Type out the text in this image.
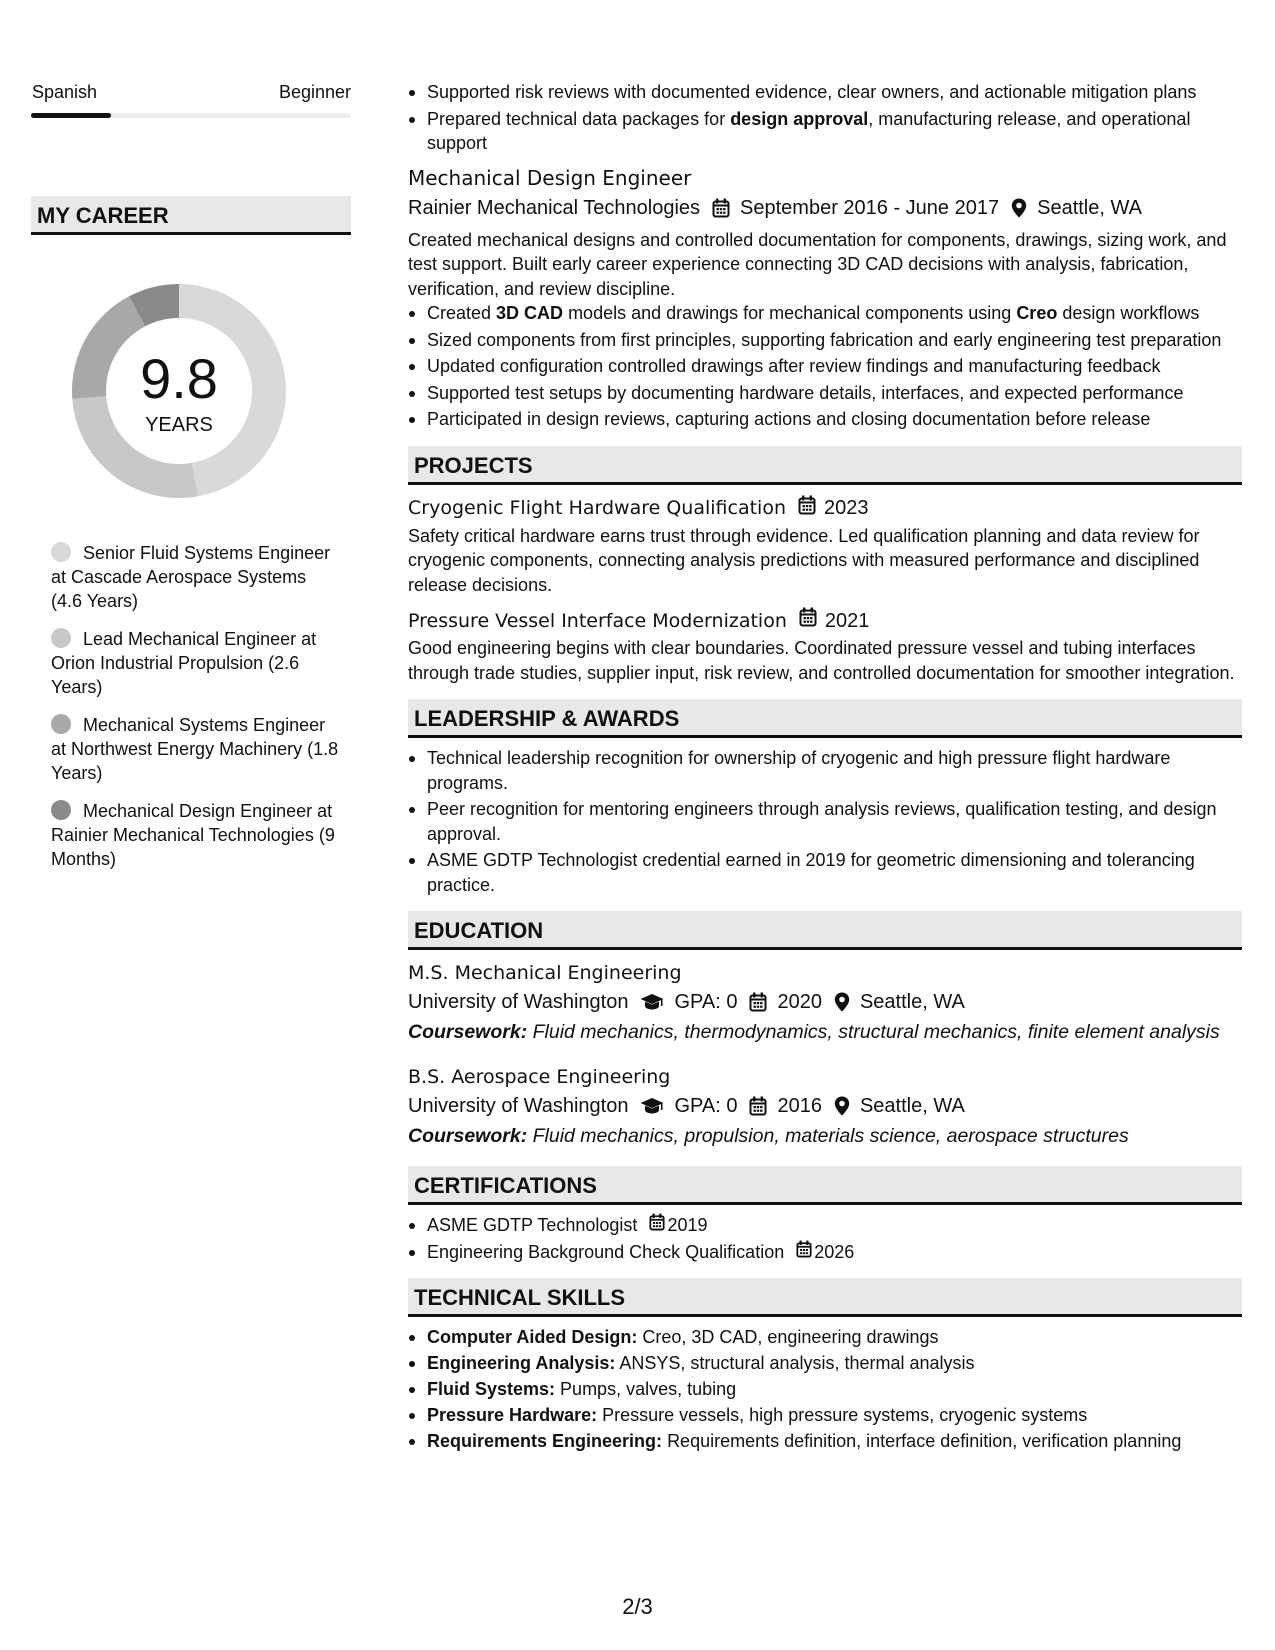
Spanish	Beginner
MY CAREER
9.8
YEARS
Senior Fluid Systems Engineer at Cascade Aerospace Systems (4.6 Years)
Lead Mechanical Engineer at Orion Industrial Propulsion (2.6 Years)
Mechanical Systems Engineer at Northwest Energy Machinery (1.8 Years)
Mechanical Design Engineer at Rainier Mechanical Technologies (9 Months)
Supported risk reviews with documented evidence, clear owners, and actionable mitigation plans
Prepared technical data packages for design approval, manufacturing release, and operational support
Mechanical Design Engineer
Rainier Mechanical Technologies September 2016 - June 2017 Seattle, WA
Created mechanical designs and controlled documentation for components, drawings, sizing work, and test support. Built early career experience connecting 3D CAD decisions with analysis, fabrication, verification, and review discipline.
Created 3D CAD models and drawings for mechanical components using Creo design workflows
Sized components from first principles, supporting fabrication and early engineering test preparation
Updated configuration controlled drawings after review findings and manufacturing feedback
Supported test setups by documenting hardware details, interfaces, and expected performance
Participated in design reviews, capturing actions and closing documentation before release
PROJECTS
Cryogenic Flight Hardware Qualification 2023
Safety critical hardware earns trust through evidence. Led qualification planning and data review for cryogenic components, connecting analysis predictions with measured performance and disciplined release decisions.
Pressure Vessel Interface Modernization 2021
Good engineering begins with clear boundaries. Coordinated pressure vessel and tubing interfaces through trade studies, supplier input, risk review, and controlled documentation for smoother integration.
LEADERSHIP & AWARDS
Technical leadership recognition for ownership of cryogenic and high pressure flight hardware programs.
Peer recognition for mentoring engineers through analysis reviews, qualification testing, and design approval.
ASME GDTP Technologist credential earned in 2019 for geometric dimensioning and tolerancing practice.
EDUCATION
M.S. Mechanical Engineering
University of Washington GPA: 0 2020 Seattle, WA
Coursework: Fluid mechanics, thermodynamics, structural mechanics, finite element analysis
B.S. Aerospace Engineering
University of Washington GPA: 0 2016 Seattle, WA
Coursework: Fluid mechanics, propulsion, materials science, aerospace structures
CERTIFICATIONS
ASME GDTP Technologist 2019
Engineering Background Check Qualification 2026
TECHNICAL SKILLS
Computer Aided Design: Creo, 3D CAD, engineering drawings
Engineering Analysis: ANSYS, structural analysis, thermal analysis
Fluid Systems: Pumps, valves, tubing
Pressure Hardware: Pressure vessels, high pressure systems, cryogenic systems
Requirements Engineering: Requirements definition, interface definition, verification planning
2/3
